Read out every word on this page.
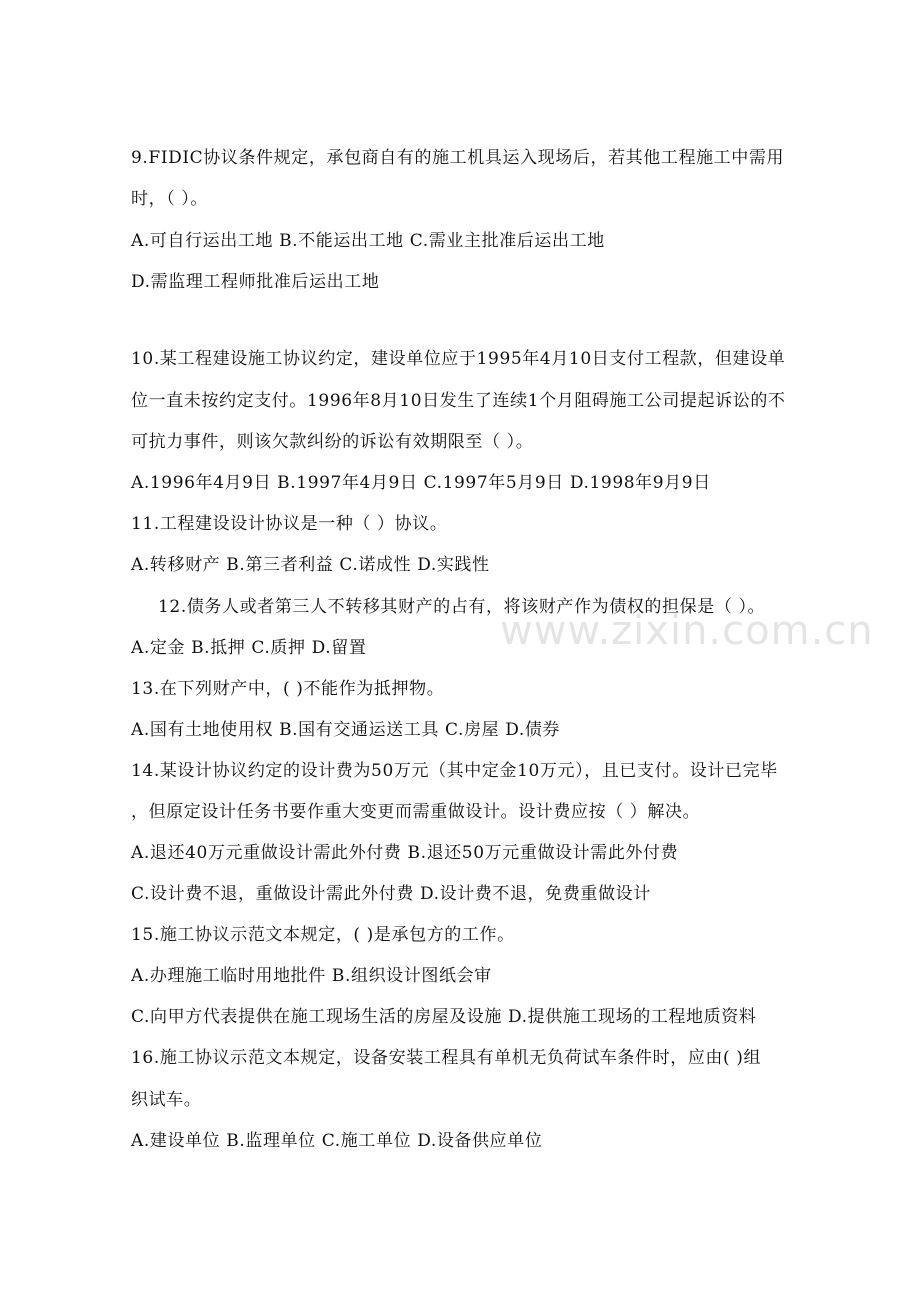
www.zixin.com.cn
9.FIDIC协议条件规定，承包商自有的施工机具运入现场后，若其他工程施工中需用
时，（ ）。
A.可自行运出工地 B.不能运出工地 C.需业主批准后运出工地
D.需监理工程师批准后运出工地
10.某工程建设施工协议约定，建设单位应于1995年4月10日支付工程款，但建设单
位一直未按约定支付。1996年8月10日发生了连续1个月阻碍施工公司提起诉讼的不
可抗力事件，则该欠款纠纷的诉讼有效期限至（ ）。
A.1996年4月9日 B.1997年4月9日 C.1997年5月9日 D.1998年9月9日
11.工程建设设计协议是一种（ ）协议。
A.转移财产 B.第三者利益 C.诺成性 D.实践性
12.债务人或者第三人不转移其财产的占有，将该财产作为债权的担保是（ ）。
A.定金 B.抵押 C.质押 D.留置
13.在下列财产中，( )不能作为抵押物。
A.国有土地使用权 B.国有交通运送工具 C.房屋 D.债券
14.某设计协议约定的设计费为50万元（其中定金10万元），且已支付。设计已完毕
，但原定设计任务书要作重大变更而需重做设计。设计费应按（ ）解决。
A.退还40万元重做设计需此外付费 B.退还50万元重做设计需此外付费
C.设计费不退，重做设计需此外付费 D.设计费不退，免费重做设计
15.施工协议示范文本规定，( )是承包方的工作。
A.办理施工临时用地批件 B.组织设计图纸会审
C.向甲方代表提供在施工现场生活的房屋及设施 D.提供施工现场的工程地质资料
16.施工协议示范文本规定，设备安装工程具有单机无负荷试车条件时，应由( )组
织试车。
A.建设单位 B.监理单位 C.施工单位 D.设备供应单位
